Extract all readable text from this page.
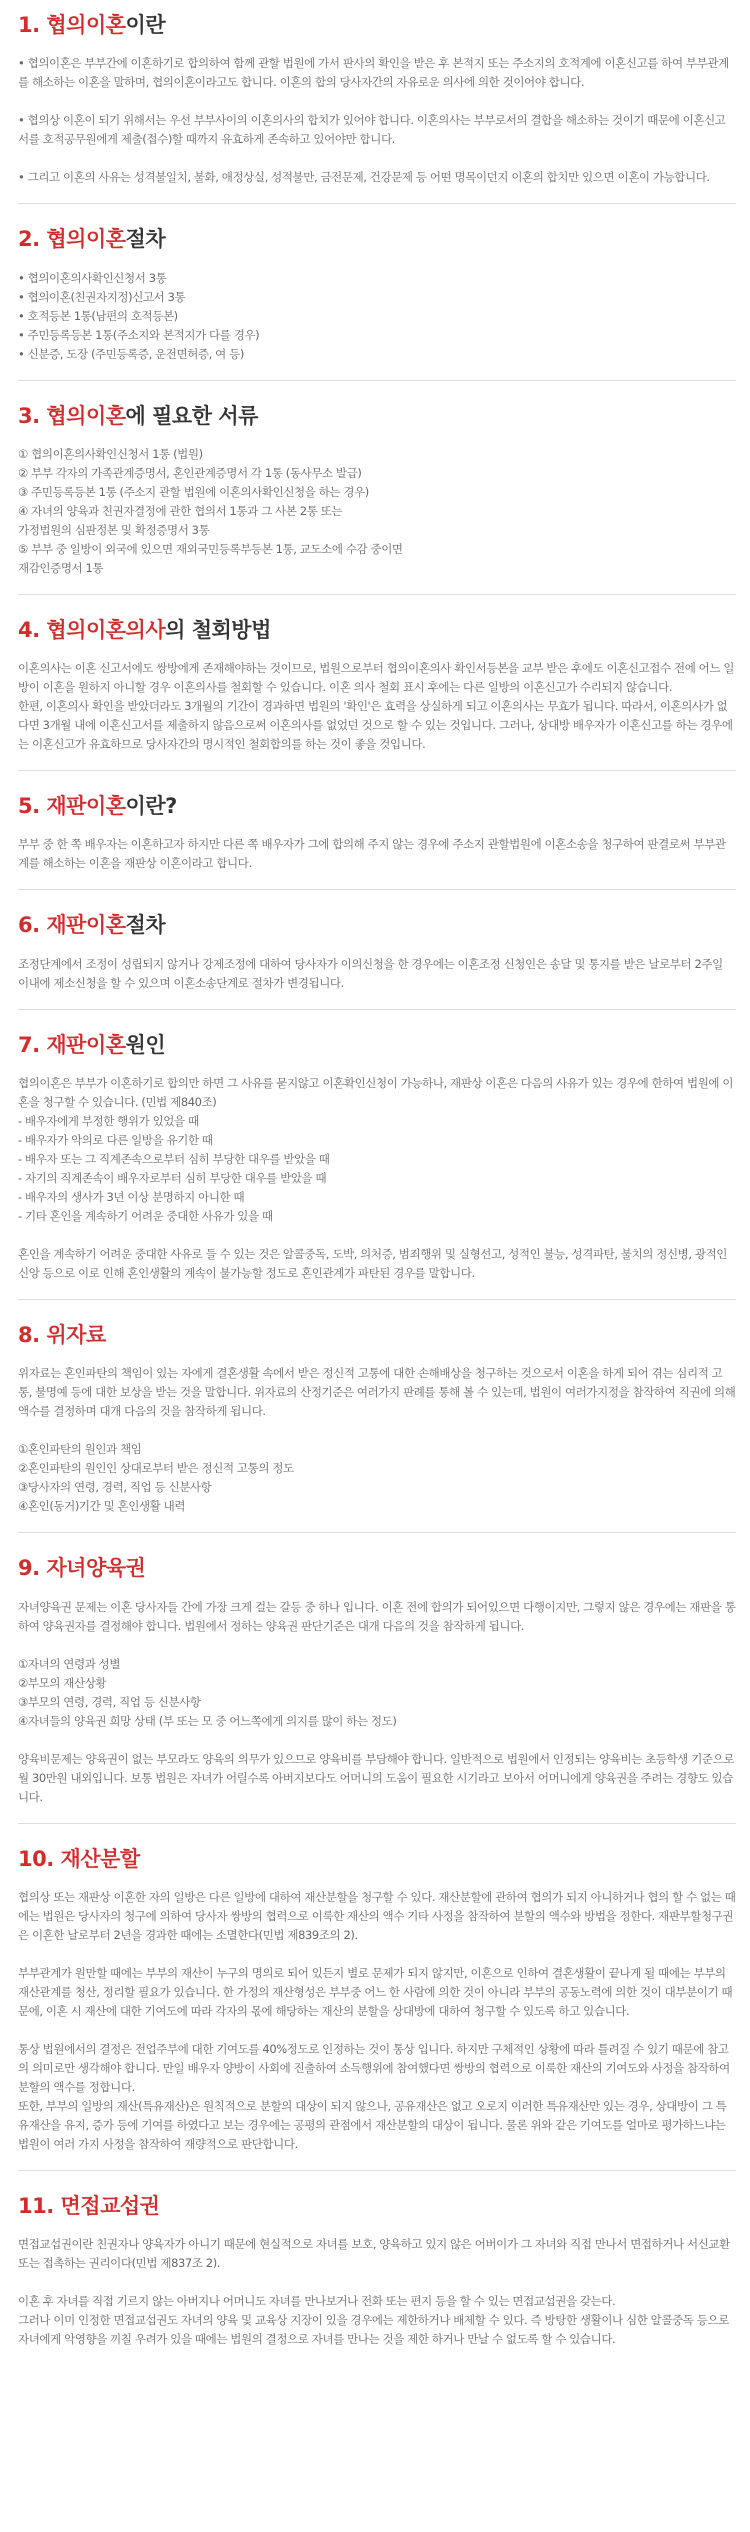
1. 협의이혼이란

• 협의이혼은 부부간에 이혼하기로 합의하여 함께 관할 법원에 가서 판사의 확인을 받은 후 본적지 또는 주소지의 호적계에 이혼신고를 하여 부부관계를 해소하는 이혼을 말하며, 협의이혼이라고도 합니다. 이혼의 합의 당사자간의 자유로운 의사에 의한 것이어야 합니다.

• 협의상 이혼이 되기 위해서는 우선 부부사이의 이혼의사의 합치가 있어야 합니다. 이혼의사는 부부로서의 결합을 해소하는 것이기 때문에 이혼신고서를 호적공무원에게 제출(접수)할 때까지 유효하게 존속하고 있어야만 합니다.

• 그리고 이혼의 사유는 성격불일치, 불화, 애정상실, 성적불만, 금전문제, 건강문제 등 어떤 명목이던지 이혼의 합치만 있으면 이혼이 가능합니다.

2. 협의이혼절차

• 협의이혼의사확인신청서 3통

• 협의이혼(친권자지정)신고서 3통

• 호적등본 1통(남편의 호적등본)

• 주민등록등본 1통(주소지와 본적지가 다를 경우)

• 신분증, 도장 (주민등록증, 운전면허증, 여 등)

3. 협의이혼에 필요한 서류

① 협의이혼의사확인신청서 1통 (법원)

② 부부 각자의 가족관계증명서, 혼인관계증명서 각 1통 (동사무소 발급)

③ 주민등록등본 1통 (주소지 관할 법원에 이혼의사확인신청을 하는 경우)

④ 자녀의 양육과 친권자결정에 관한 협의서 1통과 그 사본 2통 또는

가정법원의 심판정본 및 확정증명서 3통

⑤ 부부 중 일방이 외국에 있으면 재외국민등록부등본 1통, 교도소에 수감 중이면

재감인증명서 1통

4. 협의이혼의사의 철회방법

이혼의사는 이혼 신고서에도 쌍방에게 존재해야하는 것이므로, 법원으로부터 협의이혼의사 확인서등본을 교부 받은 후에도 이혼신고접수 전에 어느 일방이 이혼을 원하지 아니할 경우 이혼의사를 철회할 수 있습니다. 이혼 의사 철회 표시 후에는 다른 일방의 이혼신고가 수리되지 않습니다.
한편, 이혼의사 확인을 받았더라도 3개월의 기간이 경과하면 법원의 '확인'은 효력을 상실하게 되고 이혼의사는 무효가 됩니다. 따라서, 이혼의사가 없다면 3개월 내에 이혼신고서를 제출하지 않음으로써 이혼의사를 없었던 것으로 할 수 있는 것입니다. 그러나, 상대방 배우자가 이혼신고를 하는 경우에는 이혼신고가 유효하므로 당사자간의 명시적인 철회합의를 하는 것이 좋을 것입니다.

5. 재판이혼이란?

부부 중 한 쪽 배우자는 이혼하고자 하지만 다른 쪽 배우자가 그에 합의해 주지 않는 경우에 주소지 관할법원에 이혼소송을 청구하여 판결로써 부부관계를 해소하는 이혼을 재판상 이혼이라고 합니다.

6. 재판이혼절차

조정단계에서 조정이 성립되지 않거나 강제조정에 대하여 당사자가 이의신청을 한 경우에는 이혼조정 신청인은 송달 및 통지를 받은 날로부터 2주일 이내에 제소신청을 할 수 있으며 이혼소송단계로 절차가 변경됩니다.

7. 재판이혼원인

협의이혼은 부부가 이혼하기로 합의만 하면 그 사유를 묻지않고 이혼확인신청이 가능하나, 재판상 이혼은 다음의 사유가 있는 경우에 한하여 법원에 이혼을 청구할 수 있습니다. (민법 제840조)

- 배우자에게 부정한 행위가 있었을 때

- 배우자가 악의로 다른 일방을 유기한 때

- 배우자 또는 그 직계존속으로부터 심히 부당한 대우를 받았을 때

- 자기의 직계존속이 배우자로부터 심히 부당한 대우를 받았을 때

- 배우자의 생사가 3년 이상 분명하지 아니한 때

- 기타 혼인을 계속하기 어려운 중대한 사유가 있을 때

혼인을 계속하기 어려운 중대한 사유로 들 수 있는 것은 알콜중독, 도박, 의처증, 범죄행위 및 실형선고, 성적인 불능, 성격파탄, 불치의 정신병, 광적인 신앙 등으로 이로 인해 혼인생활의 계속이 불가능할 정도로 혼인관계가 파탄된 경우를 말합니다.

8. 위자료

위자료는 혼인파탄의 책임이 있는 자에게 결혼생활 속에서 받은 정신적 고통에 대한 손해배상을 청구하는 것으로서 이혼을 하게 되어 겪는 심리적 고통, 불명예 등에 대한 보상을 받는 것을 말합니다. 위자료의 산정기준은 여러가지 판례를 통해 볼 수 있는데, 법원이 여러가지정을 참작하여 직권에 의해 액수를 결정하며 대개 다음의 것을 참작하게 됩니다.

①혼인파탄의 원인과 책임

②혼인파탄의 원인인 상대로부터 받은 정신적 고통의 정도

③당사자의 연령, 경력, 직업 등 신분사항

④혼인(동거)기간 및 혼인생활 내력

9. 자녀양육권

자녀양육권 문제는 이혼 당사자들 간에 가장 크게 걸는 갈등 중 하나 입니다. 이혼 전에 합의가 되어있으면 다행이지만, 그렇지 않은 경우에는 재판을 통하여 양육권자를 결정해야 합니다. 법원에서 정하는 양육권 판단기준은 대개 다음의 것을 참작하게 됩니다.

①자녀의 연령과 성별

②부모의 재산상황

③부모의 연령, 경력, 직업 등 신분사항

④자녀들의 양육권 희망 상태 (부 또는 모 중 어느쪽에게 의지를 많이 하는 정도)

양육비문제는 양육권이 없는 부모라도 양육의 의무가 있으므로 양육비를 부담해야 합니다. 일반적으로 법원에서 인정되는 양육비는 초등학생 기준으로 월 30만원 내외입니다. 보통 법원은 자녀가 어릴수록 아버지보다도 어머니의 도움이 필요한 시기라고 보아서 어머니에게 양육권을 주려는 경향도 있습니다.

10. 재산분할

협의상 또는 재판상 이혼한 자의 일방은 다른 일방에 대하여 재산분할을 청구할 수 있다. 재산분할에 관하여 협의가 되지 아니하거나 협의 할 수 없는 때에는 법원은 당사자의 청구에 의하여 당사자 쌍방의 협력으로 이룩한 재산의 액수 기타 사정을 참작하여 분할의 액수와 방법을 정한다. 재판부할청구권은 이혼한 날로부터 2년을 경과한 때에는 소멸한다(민법 제839조의 2).

부부관계가 원만할 때에는 부부의 재산이 누구의 명의로 되어 있든지 별로 문제가 되지 않지만, 이혼으로 인하여 결혼생활이 끝나게 될 때에는 부부의 재산관계를 청산, 정리할 필요가 있습니다. 한 가정의 재산형성은 부부중 어느 한 사람에 의한 것이 아니라 부부의 공동노력에 의한 것이 대부분이기 때문에, 이혼 시 재산에 대한 기여도에 따라 각자의 몫에 해당하는 재산의 분할을 상대방에 대하여 청구할 수 있도록 하고 있습니다.

통상 법원에서의 결정은 전업주부에 대한 기여도를 40%정도로 인정하는 것이 통상 입니다. 하지만 구체적인 상황에 따라 틀려질 수 있기 때문에 참고의 의미로만 생각해야 합니다. 만일 배우자 양방이 사회에 진출하여 소득행위에 참여했다면 쌍방의 협력으로 이룩한 재산의 기여도와 사정을 참작하여 분할의 액수를 정합니다.
또한, 부부의 일방의 재산(특유재산)은 원칙적으로 분할의 대상이 되지 않으나, 공유재산은 없고 오로지 이러한 특유재산만 있는 경우, 상대방이 그 특유재산을 유지, 증가 등에 기여를 하였다고 보는 경우에는 공평의 관점에서 재산분할의 대상이 됩니다. 물론 위와 같은 기여도를 얼마로 평가하느냐는 법원이 여러 가지 사정을 참작하여 재량적으로 판단합니다.

11. 면접교섭권

면접교섭권이란 친권자나 양육자가 아니기 때문에 현실적으로 자녀를 보호, 양육하고 있지 않은 어버이가 그 자녀와 직접 만나서 면접하거나 서신교환 또는 접촉하는 권리이다(민법 제837조 2).

이혼 후 자녀를 직접 기르지 않는 아버지나 어머니도 자녀를 만나보거나 전화 또는 편지 등을 할 수 있는 면접교섭권을 갖는다.
그러나 이미 인정한 면접교섭권도 자녀의 양육 및 교육상 지장이 있을 경우에는 제한하거나 배제할 수 있다. 즉 방탕한 생활이나 심한 알콜중독 등으로 자녀에게 악영향을 끼칠 우려가 있을 때에는 법원의 결정으로 자녀를 만나는 것을 제한 하거나 만날 수 없도록 할 수 있습니다.
